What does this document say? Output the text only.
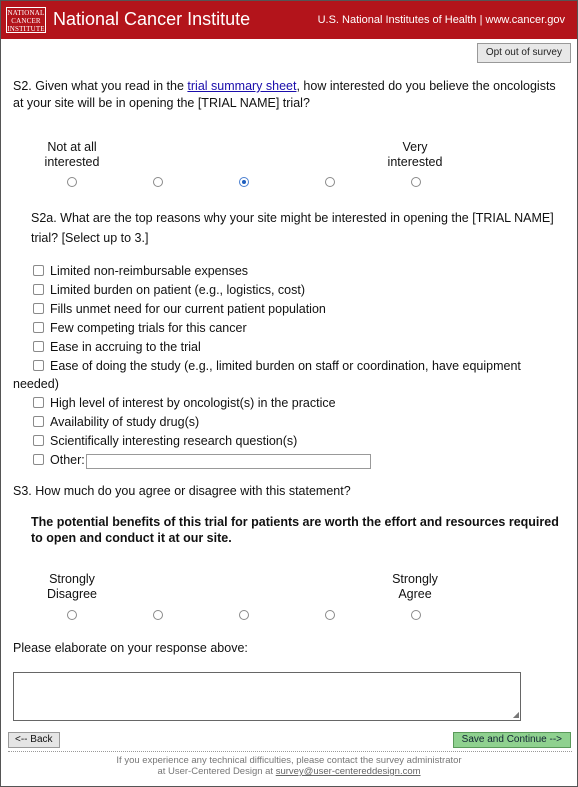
NATIONAL CANCER INSTITUTE National Cancer Institute	U.S. National Institutes of Health | www.cancer.gov
Opt out of survey
S2. Given what you read in the trial summary sheet, how interested do you believe the oncologists at your site will be in opening the [TRIAL NAME] trial?
Not at all interested
Very interested
S2a. What are the top reasons why your site might be interested in opening the [TRIAL NAME] trial? [Select up to 3.]
Limited non-reimbursable expenses
Limited burden on patient (e.g., logistics, cost)
Fills unmet need for our current patient population
Few competing trials for this cancer
Ease in accruing to the trial
Ease of doing the study (e.g., limited burden on staff or coordination, have equipment
needed)
High level of interest by oncologist(s) in the practice
Availability of study drug(s)
Scientifically interesting research question(s)
Other:
S3. How much do you agree or disagree with this statement?
The potential benefits of this trial for patients are worth the effort and resources required to open and conduct it at our site.
Strongly Disagree
Strongly Agree
Please elaborate on your response above:
◢
<-- Back	Save and Continue -->
If you experience any technical difficulties, please contact the survey administrator
at User-Centered Design at survey@user-centereddesign.com
